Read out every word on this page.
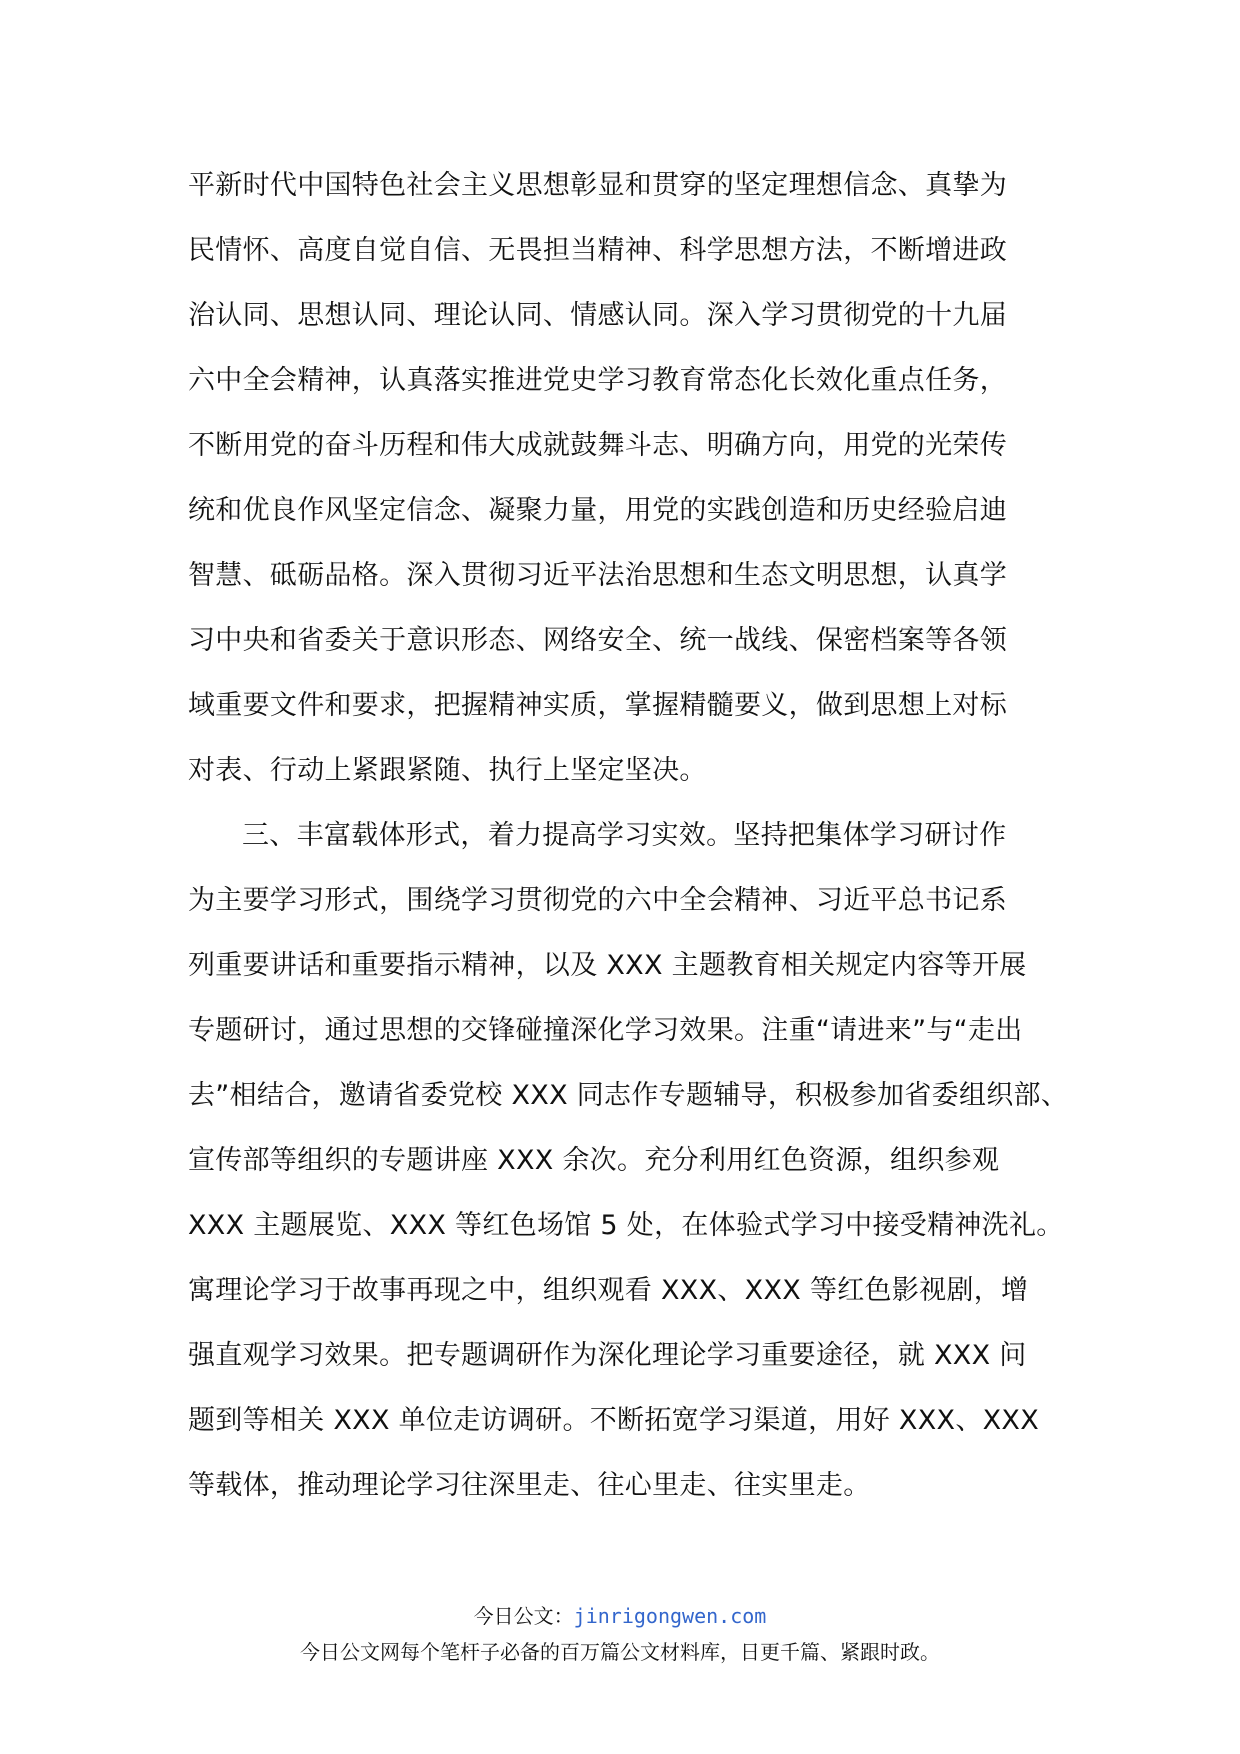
平新时代中国特色社会主义思想彰显和贯穿的坚定理想信念、真挚为
民情怀、高度自觉自信、无畏担当精神、科学思想方法，不断增进政
治认同、思想认同、理论认同、情感认同。深入学习贯彻党的十九届
六中全会精神，认真落实推进党史学习教育常态化长效化重点任务，
不断用党的奋斗历程和伟大成就鼓舞斗志、明确方向，用党的光荣传
统和优良作风坚定信念、凝聚力量，用党的实践创造和历史经验启迪
智慧、砥砺品格。深入贯彻习近平法治思想和生态文明思想，认真学
习中央和省委关于意识形态、网络安全、统一战线、保密档案等各领
域重要文件和要求，把握精神实质，掌握精髓要义，做到思想上对标
对表、行动上紧跟紧随、执行上坚定坚决。
三、丰富载体形式，着力提高学习实效。坚持把集体学习研讨作
为主要学习形式，围绕学习贯彻党的六中全会精神、习近平总书记系
列重要讲话和重要指示精神，以及 XXX 主题教育相关规定内容等开展
专题研讨，通过思想的交锋碰撞深化学习效果。注重“请进来”与“走出
去”相结合，邀请省委党校 XXX 同志作专题辅导，积极参加省委组织部、
宣传部等组织的专题讲座 XXX 余次。充分利用红色资源，组织参观
XXX 主题展览、XXX 等红色场馆 5 处，在体验式学习中接受精神洗礼。
寓理论学习于故事再现之中，组织观看 XXX、XXX 等红色影视剧，增
强直观学习效果。把专题调研作为深化理论学习重要途径，就 XXX 问
题到等相关 XXX 单位走访调研。不断拓宽学习渠道，用好 XXX、XXX
等载体，推动理论学习往深里走、往心里走、往实里走。
今日公文：jinrigongwen.com
今日公文网每个笔杆子必备的百万篇公文材料库，日更千篇、紧跟时政。
